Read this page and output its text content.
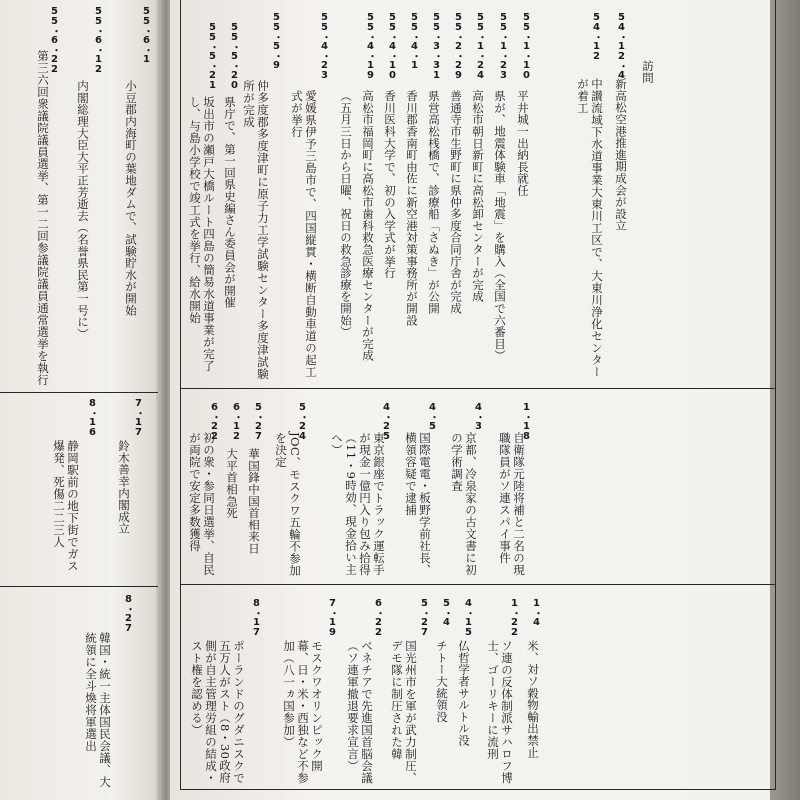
55・6・1
小豆郡内海町の葉地ダムで、試験貯水が開始
55・6・12
内閣総理大臣大平正芳逝去（名誉県民第一号に）
55・6・22
第三六回衆議院議員選挙、第一二回参議院議員通常選挙を執行
7・17
鈴木善幸内閣成立
8・16
静岡駅前の地下街でガス爆発、死傷二二三人
8・27
韓国・統一主体国民会議、大統領に全斗煥将軍選出
54・12・4
新高松空港推進期成会が設立
訪問
54・12
中讃流域下水道事業大東川工区で、大東川浄化センターが着工
55・1・10
平井城一出納長就任
55・1・23
県が、地震体験車「地震」を購入（全国で六番目）
55・1・24
高松市朝日新町に高松卸センターが完成
55・2・29
善通寺市生野町に県仲多度合同庁舎が完成
55・3・31
県営高松桟橋で、診療船「さぬき」が公開
55・4・1
香川郡香南町由佐に新空港対策事務所が開設
55・4・10
香川医科大学で、初の入学式が挙行
55・4・19
高松市福岡町に高松市歯科救急医療センターが完成
（五月三日から日曜、祝日の救急診療を開始）
55・4・23
愛媛県伊予三島市で、四国縦貫・横断自動車道の起工式が挙行
55・5・9
仲多度郡多度津町に原子力工学試験センター多度津試験所が完成
55・5・20
県庁で、第一回県史編さん委員会が開催
55・5・21
坂出市の瀬戸大橋ルート四島の簡易水道事業が完了し、与島小学校で竣工式を挙行、給水開始
1・18
自衛隊元陸将補と二名の現職隊員がソ連スパイ事件
4・3
京都、冷泉家の古文書に初の学術調査
4・5
国際電電・板野学前社長、横領容疑で逮捕
4・25
東京銀座でトラック運転手が現金一億円入り包み拾得（11・9時効、現金拾い主へ）
5・24
JOC、モスクワ五輪不参加を決定
5・27
華国鋒中国首相来日
6・12
大平首相急死
6・22
初の衆・参同日選挙、自民が両院で安定多数獲得
1・4
米、対ソ穀物輸出禁止
1・22
ソ連の反体制派サハロフ博士、ゴーリキーに流刑
4・15
仏哲学者サルトル没
5・4
チトー大統領没
5・27
国光州市を軍が武力制圧、デモ隊に制圧された韓
6・22
ベネチアで先進国首脳会議（ソ連軍撤退要求宣言）
7・19
モスクワオリンピック開幕、日・米・西独など不参加（八一ヵ国参加）
8・17
ポーランドのグダニスクで五万人がスト（8・30政府側が自主管理労組の結成・スト権を認める）
